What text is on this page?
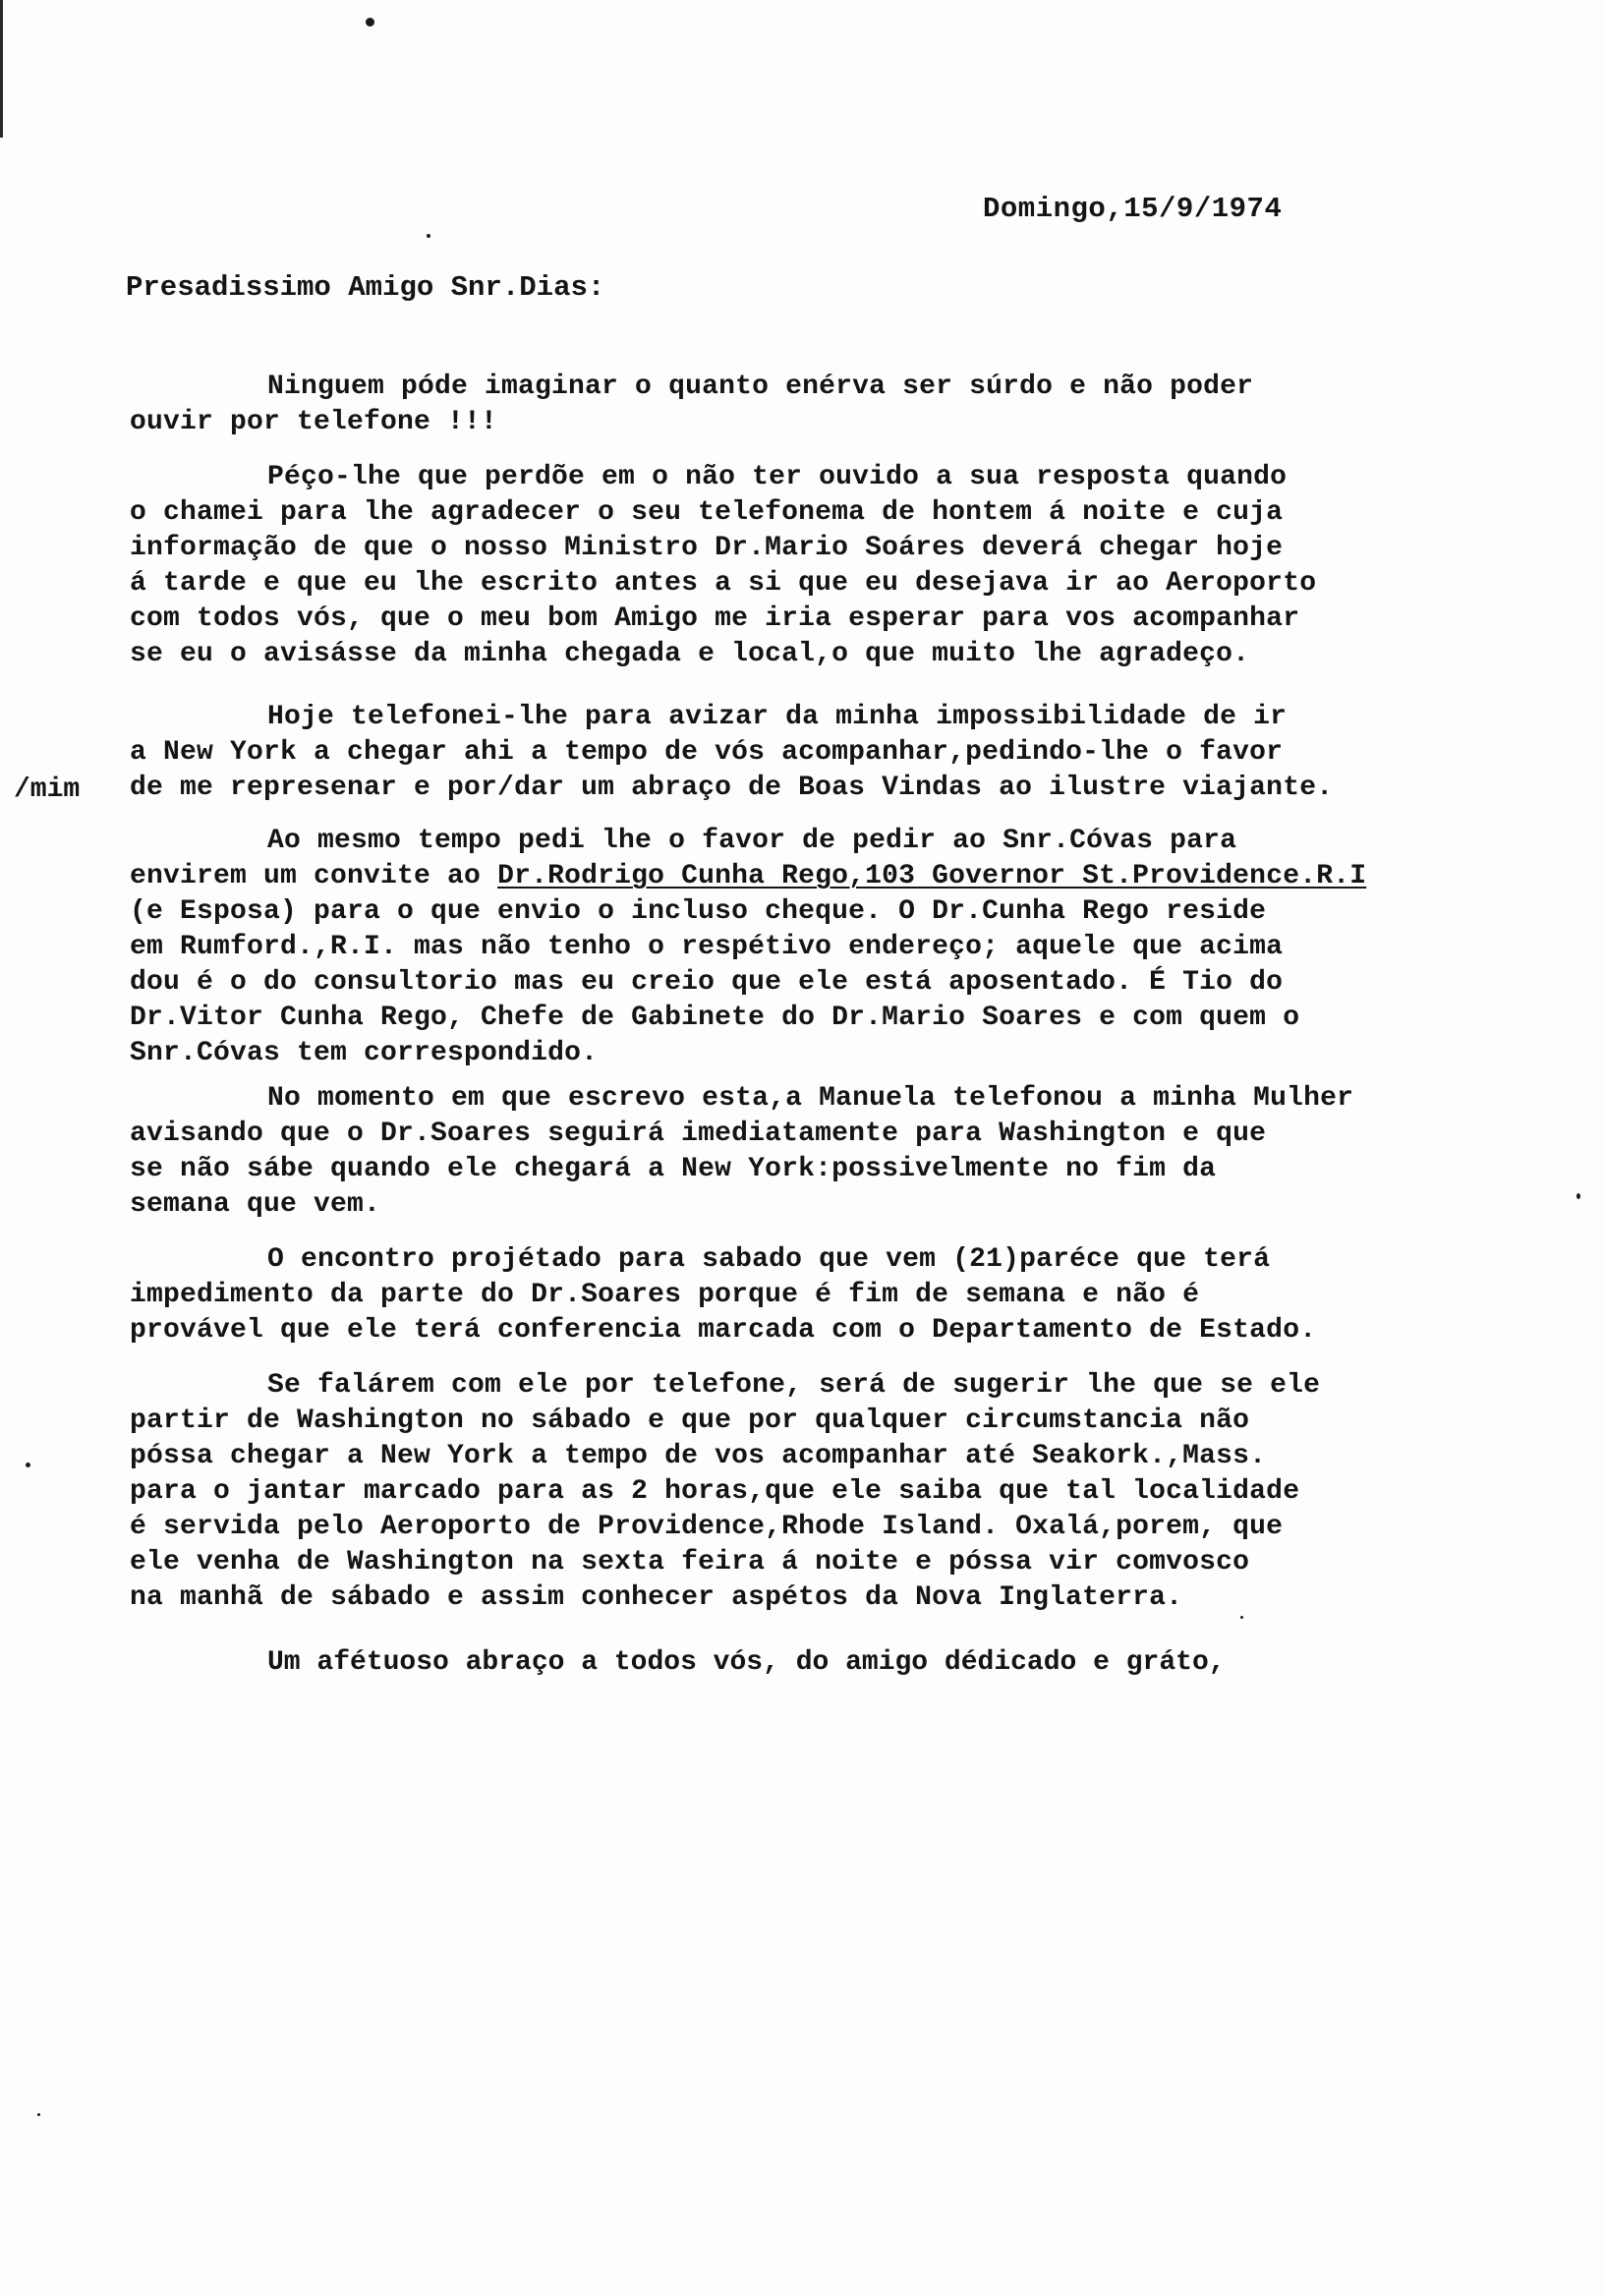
Domingo,15/9/1974
Presadissimo Amigo Snr.Dias:
/mim
Ninguem póde imaginar o quanto enérva ser súrdo e não poder
ouvir por telefone !!!
Péço-lhe que perdõe em o não ter ouvido a sua resposta quando
o chamei para lhe agradecer o seu telefonema de hontem á noite e cuja
informação de que o nosso Ministro Dr.Mario Soáres deverá chegar hoje
á tarde e que eu lhe escrito antes a si que eu desejava ir ao Aeroporto
com todos vós, que o meu bom Amigo me iria esperar para vos acompanhar
se eu o avisásse da minha chegada e local,o que muito lhe agradeço.
Hoje telefonei-lhe para avizar da minha impossibilidade de ir
a New York a chegar ahi a tempo de vós acompanhar,pedindo-lhe o favor
de me represenar e por/dar um abraço de Boas Vindas ao ilustre viajante.
Ao mesmo tempo pedi lhe o favor de pedir ao Snr.Cóvas para
envirem um convite ao Dr.Rodrigo Cunha Rego,103 Governor St.Providence.R.I
(e Esposa) para o que envio o incluso cheque. O Dr.Cunha Rego reside
em Rumford.,R.I. mas não tenho o respétivo endereço; aquele que acima
dou é o do consultorio mas eu creio que ele está aposentado. É Tio do
Dr.Vitor Cunha Rego, Chefe de Gabinete do Dr.Mario Soares e com quem o
Snr.Cóvas tem correspondido.
No momento em que escrevo esta,a Manuela telefonou a minha Mulher
avisando que o Dr.Soares seguirá imediatamente para Washington e que
se não sábe quando ele chegará a New York:possivelmente no fim da
semana que vem.
O encontro projétado para sabado que vem (21)paréce que terá
impedimento da parte do Dr.Soares porque é fim de semana e não é
provável que ele terá conferencia marcada com o Departamento de Estado.
Se falárem com ele por telefone, será de sugerir lhe que se ele
partir de Washington no sábado e que por qualquer circumstancia não
póssa chegar a New York a tempo de vos acompanhar até Seakork.,Mass.
para o jantar marcado para as 2 horas,que ele saiba que tal localidade
é servida pelo Aeroporto de Providence,Rhode Island. Oxalá,porem, que
ele venha de Washington na sexta feira á noite e póssa vir comvosco
na manhã de sábado e assim conhecer aspétos da Nova Inglaterra.
Um afétuoso abraço a todos vós, do amigo dédicado e gráto,
